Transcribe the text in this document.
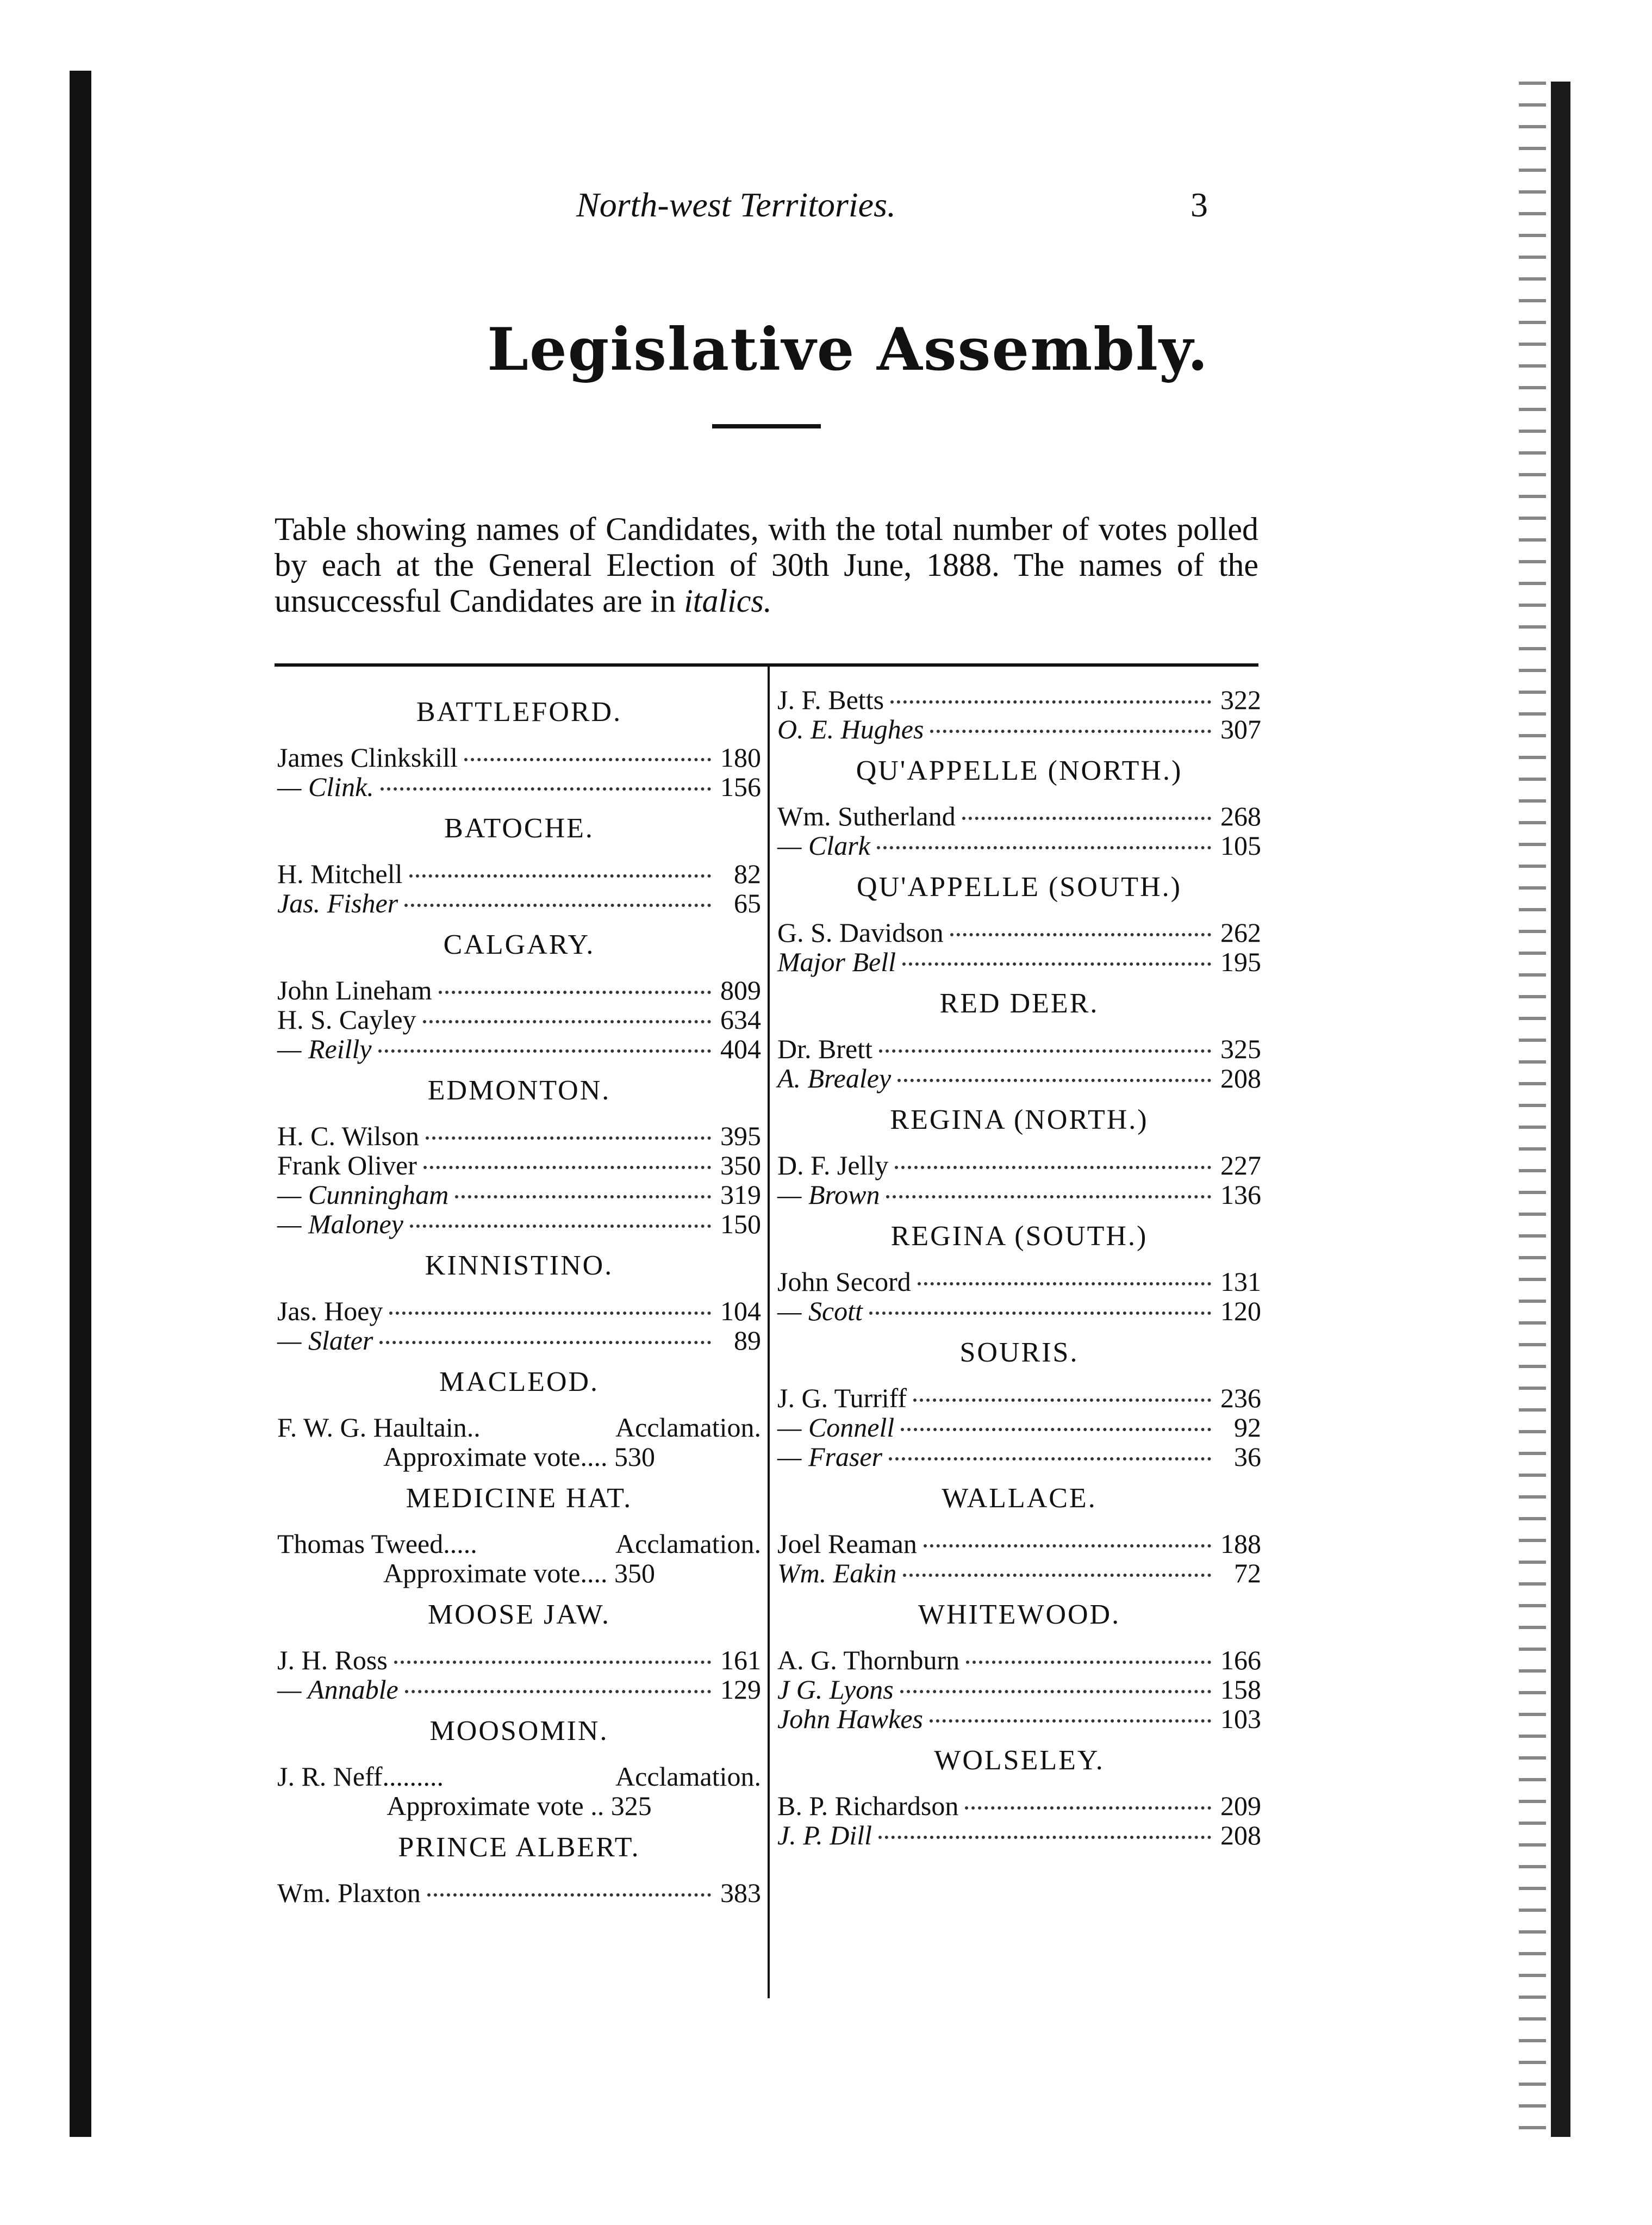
North-west Territories.	3
Legislative Assembly.

Table showing names of Candidates, with the total number of votes polled by each at the General Election of 30th June, 1888. The names of the unsuccessful Candidates are in italics.

BATTLEFORD.
James Clinkskill	180
— Clink.	156
BATOCHE.
H. Mitchell	82
Jas. Fisher	65
CALGARY.
John Lineham	809
H. S. Cayley	634
— Reilly	404
EDMONTON.
H. C. Wilson	395
Frank Oliver	350
— Cunningham	319
— Maloney	150
KINNISTINO.
Jas. Hoey	104
— Slater	89
MACLEOD.
F. W. G. Haultain..	Acclamation.
Approximate vote.... 530
MEDICINE HAT.
Thomas Tweed.....	Acclamation.
Approximate vote.... 350
MOOSE JAW.
J. H. Ross	161
— Annable	129
MOOSOMIN.
J. R. Neff.........	Acclamation.
Approximate vote .. 325
PRINCE ALBERT.
Wm. Plaxton	383
J. F. Betts	322
O. E. Hughes	307
QU'APPELLE (NORTH.)
Wm. Sutherland	268
— Clark	105
QU'APPELLE (SOUTH.)
G. S. Davidson	262
Major Bell	195
RED DEER.
Dr. Brett	325
A. Brealey	208
REGINA (NORTH.)
D. F. Jelly	227
— Brown	136
REGINA (SOUTH.)
John Secord	131
— Scott	120
SOURIS.
J. G. Turriff	236
— Connell	92
— Fraser	36
WALLACE.
Joel Reaman	188
Wm. Eakin	72
WHITEWOOD.
A. G. Thornburn	166
J G. Lyons	158
John Hawkes	103
WOLSELEY.
B. P. Richardson	209
J. P. Dill	208
